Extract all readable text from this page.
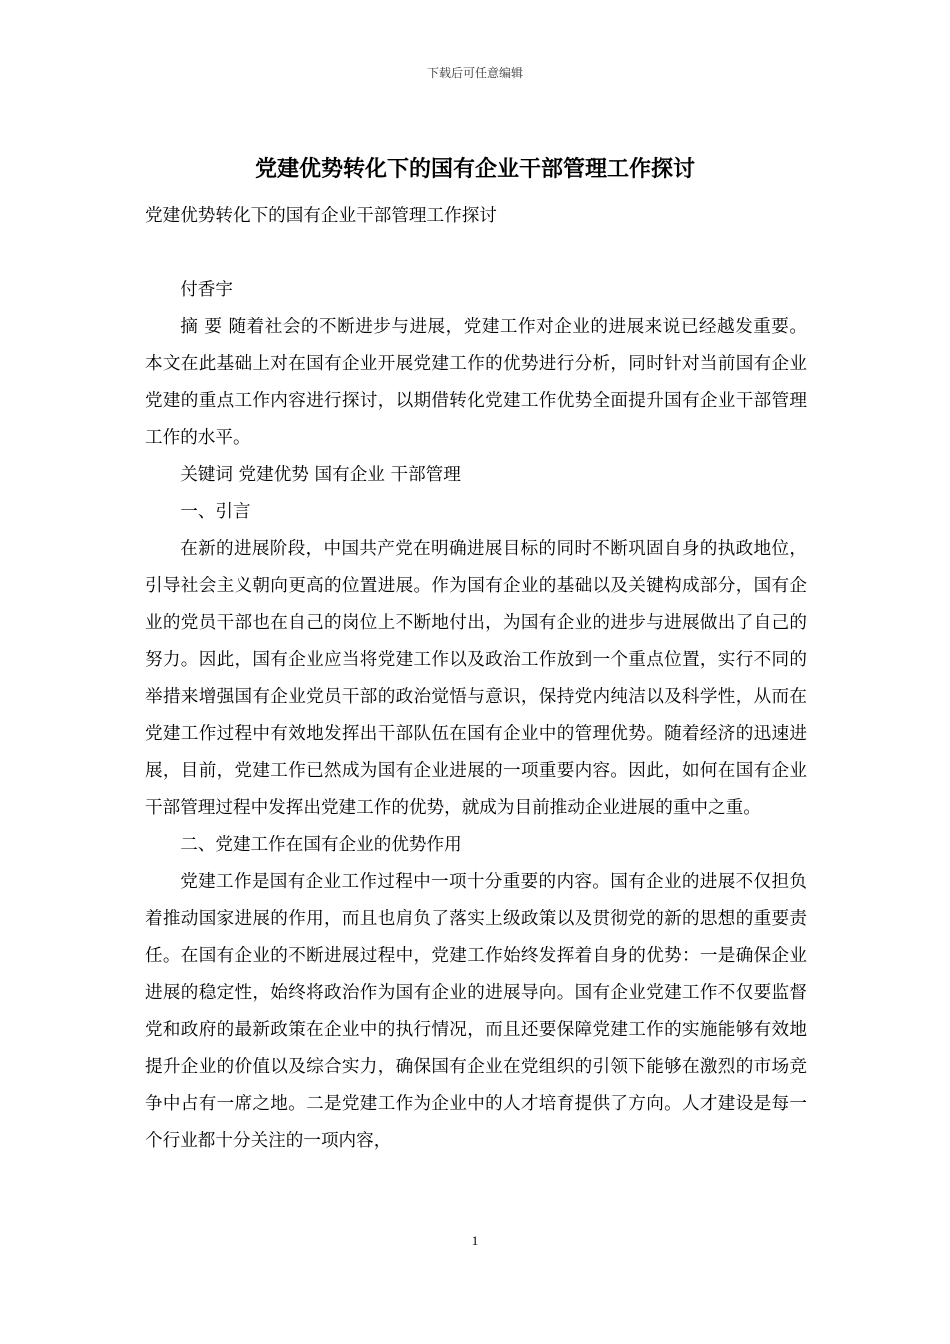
下载后可任意编辑
党建优势转化下的国有企业干部管理工作探讨

党建优势转化下的国有企业干部管理工作探讨

付香宇

摘 要 随着社会的不断进步与进展，党建工作对企业的进展来说已经越发重要。本文在此基础上对在国有企业开展党建工作的优势进行分析，同时针对当前国有企业党建的重点工作内容进行探讨，以期借转化党建工作优势全面提升国有企业干部管理工作的水平。

关键词 党建优势 国有企业 干部管理

一、引言

在新的进展阶段，中国共产党在明确进展目标的同时不断巩固自身的执政地位，引导社会主义朝向更高的位置进展。作为国有企业的基础以及关键构成部分，国有企业的党员干部也在自己的岗位上不断地付出，为国有企业的进步与进展做出了自己的努力。因此，国有企业应当将党建工作以及政治工作放到一个重点位置，实行不同的举措来增强国有企业党员干部的政治觉悟与意识，保持党内纯洁以及科学性，从而在党建工作过程中有效地发挥出干部队伍在国有企业中的管理优势。随着经济的迅速进展，目前，党建工作已然成为国有企业进展的一项重要内容。因此，如何在国有企业干部管理过程中发挥出党建工作的优势，就成为目前推动企业进展的重中之重。

二、党建工作在国有企业的优势作用

党建工作是国有企业工作过程中一项十分重要的内容。国有企业的进展不仅担负着推动国家进展的作用，而且也肩负了落实上级政策以及贯彻党的新的思想的重要责任。在国有企业的不断进展过程中，党建工作始终发挥着自身的优势：一是确保企业进展的稳定性，始终将政治作为国有企业的进展导向。国有企业党建工作不仅要监督党和政府的最新政策在企业中的执行情况，而且还要保障党建工作的实施能够有效地提升企业的价值以及综合实力，确保国有企业在党组织的引领下能够在激烈的市场竞争中占有一席之地。二是党建工作为企业中的人才培育提供了方向。人才建设是每一个行业都十分关注的一项内容，

1
